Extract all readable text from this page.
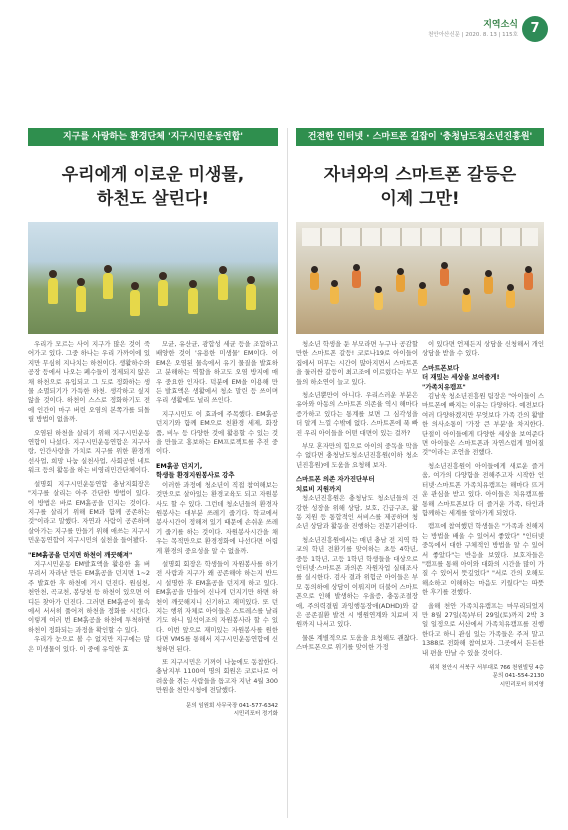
지역소식
천안아산신문 | 2020. 8. 13 | 115호 7
지구를 사랑하는 환경단체 '지구시민운동연합'
우리에게 이로운 미생물,
하천도 살린다!

우리가 모르는 사이 지구가 많은 것이 죽어가고 있다. 그중 하나는 우리 가까이에 있지만 무심히 지나치는 하천이다. 생활하수와 공장 등에서 나오는 폐수들이 정제되지 않은 채 하천으로 유입되고 그 도로 정화하는 생물 소멸되기가 가득한 하천. 생각하고 싶지 않을 것이다. 하천이 스스로 정화하기도 전에 인간이 마구 버린 오염의 본쪽가를 되돌릴 방법이 없을까.

오염된 하천을 살리기 위해 지구시민운동연합이 나섰다. 지구시민운동연합은 지구사랑, 인간사랑을 가치로 지구를 위한 환경개선사업, 희망 나눔 실천사업, 사회공헌 네트워크 등의 활동을 하는 비영리민간단체이다.

설명회 지구시민운동연합 충남지회장은 "지구를 살리는 아주 간단한 방법이 있다. 이 방법은 바로 EM흙공을 던지는 것이다. 지구를 살리기 위해 EM과 함께 공존하는 것"이라고 말했다. 자연과 사람이 공존하며 살아가는 지구를 만들기 위해 애쓰는 지구시민운동연합이 지구시민의 실천을 들어봤다.

"EM흙공을 던지면 하천이 깨끗해져"

지구시민운동 EM발효액을 활용한 흙 버무려서 자라난 만든 EM흙공을 던지면 1~2주 발효한 후 하천에 거시 던진다. 원심천, 천안천, 곡교천, 봉당천 등 하천이 있으면 어디든 찾아가 던진다. 그러면 EM흙공이 물속에서 서서히 풀어져 하천을 정화를 시킨다. 이렇게 여러 번 EM흙공을 하천에 투척하면 하천이 정화되는 과정을 확인할 수 있다.

우리가 눈으로 볼 수 없지만 지구에는 많은 미생물이 있다. 이 중에 유익한 효

모균, 유산균, 광합성 세균 등을 조합하고 배양한 것이 '유용한 미생물' EM이다. 이 EM은 오염된 물속에서 유기 물질을 발효하고 분해하는 역할을 하고도 오염 방지에 매우 중요한 인자다. 덕분에 EM을 이용해 만든 발효액은 생활에서 청소 말린 등 쓰이며 우리 생활에도 널리 쓰인다.

지구시민도 이 효과에 주목했다. EM흙공 던지기와 함께 EM으로 친환경 세제, 화장품, 비누 등 다양한 것에 활용할 수 있는 것을 만들고 홍보하는 EM프로젝트를 추진 중이다.

EM흙공 던지기,
학생들 환경지원봉사로 강추

이러한 과정에 청소년이 직접 참여해보는 것만으로 살아있는 환경교육도 되고 자원봉사도 할 수 있다. 그런데 청소년들의 환경자원봉사는 대부분 쓰레기 줍기다. 학교에서 봉사시간이 정해져 있기 때문에 손쉬운 쓰레기 줍기를 하는 것이다. 자원봉사시간을 채우는 목적만으로 환경정화에 나선다면 어렵게 환경의 중요성을 알 수 없을까.

설명회 회장은 학생들이 자원봉사를 하기 전 사람과 지구가 왜 공존해야 하는지 반드시 설명한 후 EM흙공을 던지게 하고 있다. EM흙공을 만들어 신나게 던지기만 하면 하천이 깨끗해지니 신기하고 재미있다. 또 던지는 행위 자체로 아이들은 스트레스를 날리기도 하니 일석이조의 자원봉사라 할 수 있다. 이번 앞으로 재미있는 자원봉사를 원한다면 VMS를 통해서 지구시민운동연합에 신청하면 된다.

또 지구시민은 기꺼이 나눔에도 동참한다. 충남지부 1100여 명의 회원은 코로나로 어려움을 겪는 사람들을 돕고자 지난 4월 300만원을 천안시청에 전달했다.

문의 임원회 사무국장 041-577-6342

시민리포터 정기화

건전한 인터넷 · 스마트폰 길잡이 '충청남도청소년진흥원'
자녀와의 스마트폰 갈등은
이제 그만!

청소년 학생을 둔 부모라면 누구나 공감할만한 스마트폰 갈등! 코로나19로 아이들이 집에서 머무는 시간이 많아지면서 스마트폰을 둘러싼 갈등이 최고조에 이르렀다는 부모들의 하소연이 늘고 있다.

청소년뿐만이 아니다. 우리스러운 부분은 유아와 아동의 스마트폰 의존율 역시 해마다 증가하고 있다는 통계를 보면 그 심각성을 더 알게 느낄 수밖에 없다. 스마트폰에 푹 빠진 우리 아이들을 어떤 대면이 있는 걸까?

부모 혼자만의 힘으로 아이의 중독을 막을 수 없다면 충청남도청소년진흥원(이하 청소년진흥원)에 도움을 요청해 보자.

스마트폰 의존 자가진단부터
치료비 지원까지

청소년진흥원은 충청남도 청소년들의 건강한 성장을 위해 상담, 보호, 긴급구조, 활동 지원 등 통합적인 서비스를 제공하며 청소년 상담과 활동을 진행하는 전문기관이다.

청소년진흥원에서는 매년 충남 전 지역 학교의 학년 전환기를 맞이하는 초등 4학년, 중등 1학년, 고등 1학년 학생들을 대상으로 인터넷·스마트폰 과의존 자원자업 실태조사를 실시한다. 검사 결과 위험군 아이들은 부모 동의하에 상담이 이뤄지며 더불어 스마트폰으로 인해 발생하는 우울증, 충동조절장애, 주의력결핍 과잉행동장애(ADHD)와 같은 공존질환 발견 시 병원연계와 치료비 지원까지 나서고 있다.

물론 계별적으로 도움을 요청해도 괜찮다. 스마트폰으로 위기를 맞이한 가정

이 있다면 언제든지 상담을 신청해서 개인 상담을 받을 수 있다.

스마트폰보다
더 재밌는 세상을 보여줄게!
"가족치유캠프"

김남욱 청소년진흥원 팀장은 "아이들이 스마트폰에 빠지는 이유는 다양하다. 예전보다 여러 다양하겠지만 무엇보다 가족 간의 활발한 의사소통이 '가장 큰 부분'을 차지한다. 단절이 아이들에게 다양한 세상을 보여준다면 아이들은 스마트폰과 자연스럽게 멀어질 것"이라는 조언을 전했다.

청소년진흥원이 아이들에게 새로운 즐거움, 여가의 다양함을 전해주고자 시작한 인터넷·스마트폰 가족치유캠프는 해마다 뜨거운 관심을 받고 있다. 아이들은 치유캠프를 통해 스마트폰보다 더 즐거운 가족, 타인과 함께하는 세계를 알아가게 되었다.

캠프에 참여했던 학생들은 "가족과 친해지는 방법을 배울 수 있어서 좋았다" "인터넷 중독에서 대한 구체적인 방법을 알 수 있어서 좋았다"는 반응을 보였다. 보호자들은 "캠프를 통해 아이와 대화의 시간을 많이 가질 수 있어서 뜻깊었다" "서로 간의 오해도 해소하고 이해하는 마음도 키웠다"는 따뜻한 후기를 전했다.

올해 천안 가족치유캠프는 마무리되었지만 8월 27일(목)부터 29일(토)까지 2박 3일 일정으로 서산에서 가족치유캠프를 진행한다고 하니 관심 있는 가족들은 주저 말고 1388로 전화해 참여보자. 그곳에서 든든한 내 편을 만날 수 있을 것이다.

위치 천안시 서북구 서부대로 766 천원빌딩 4층

문의 041-554-2130

시민리포터 허지영
